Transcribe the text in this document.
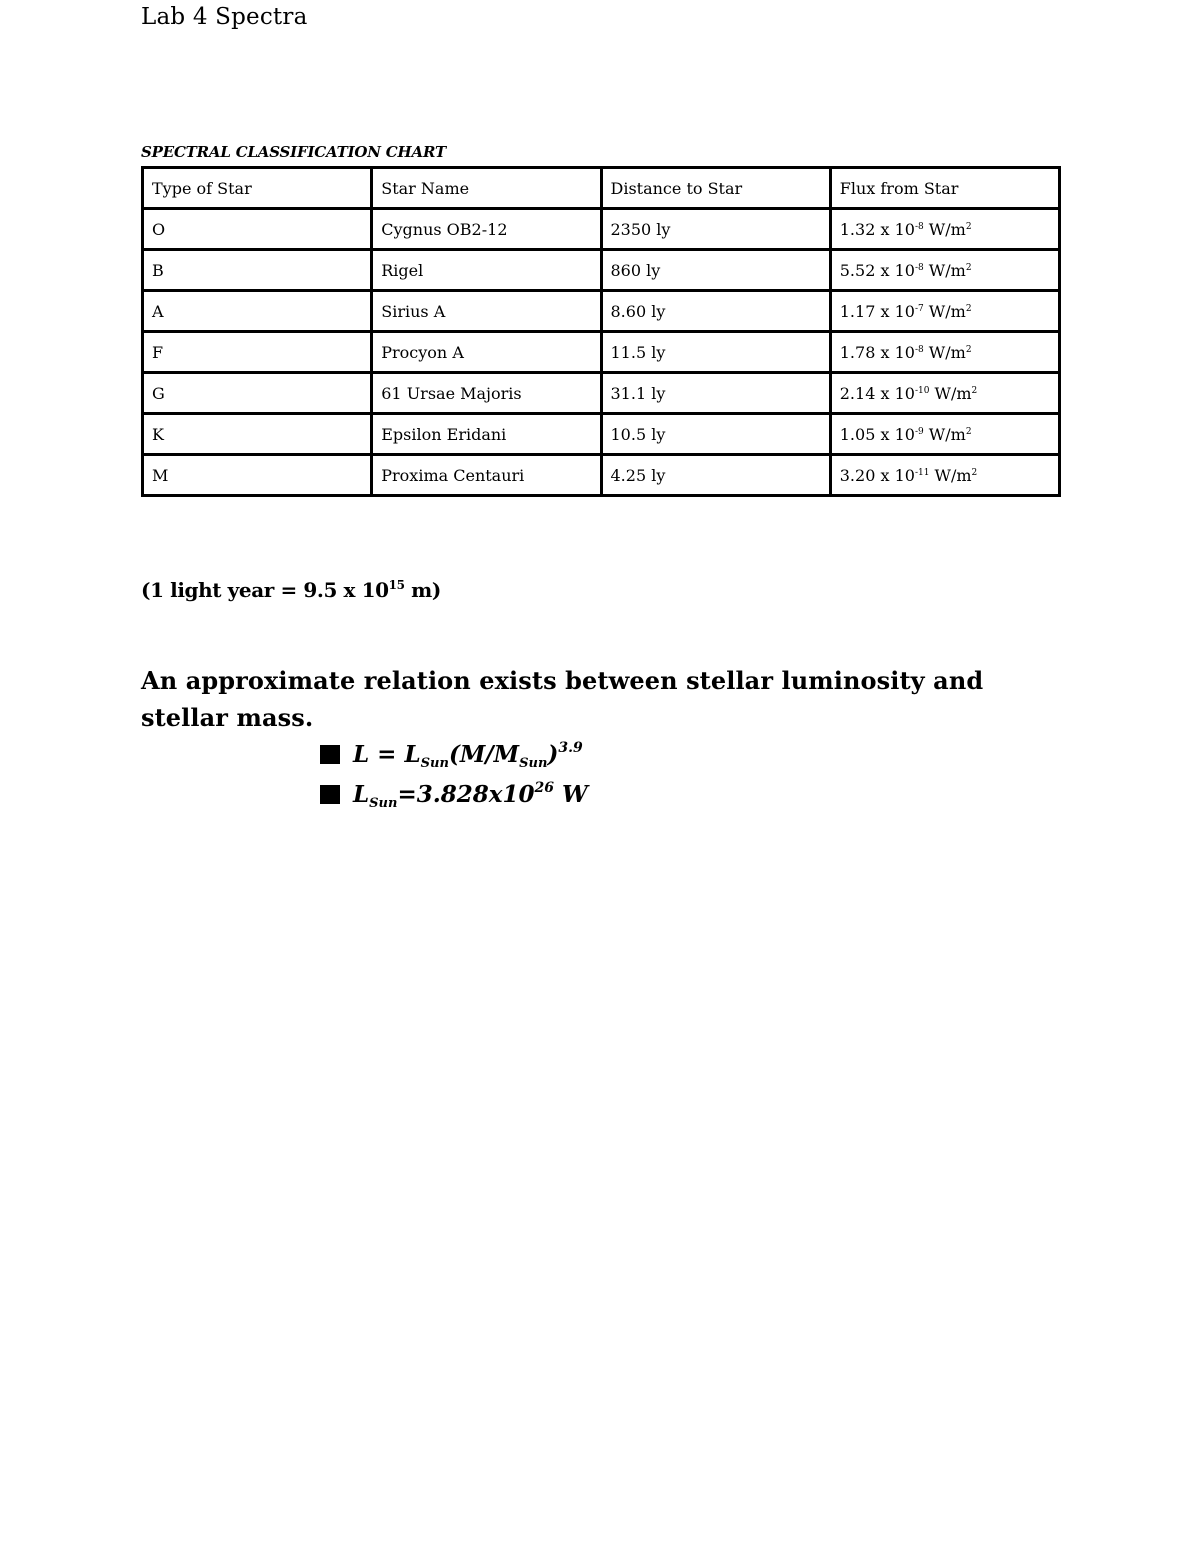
Lab 4 Spectra
SPECTRAL CLASSIFICATION CHART
Type of Star	Star Name	Distance to Star	Flux from Star
O	Cygnus OB2-12	2350 ly	1.32 x $10^{-8}$ $W/m^2$
B	Rigel	860 ly	5.52 x $10^{-8}$ $W/m^2$
A	Sirius A	8.60 ly	1.17 x $10^{-7}$ $W/m^2$
F	Procyon A	11.5 ly	1.78 x $10^{-8}$ $W/m^2$
G	61 Ursae Majoris	31.1 ly	2.14 x $10^{-10}$ $W/m^2$
K	Epsilon Eridani	10.5 ly	1.05 x $10^{-9}$ $W/m^2$
M	Proxima Centauri	4.25 ly	3.20 x $10^{-11}$ $W/m^2$
(1 light year = 9.5 x $10^{15}$ m)
An approximate relation exists between stellar luminosity and stellar mass.
$L = L_{Sun}(M/M_{Sun})^{3.9}$
$L_{Sun}=3.828x10^{26}$ W
